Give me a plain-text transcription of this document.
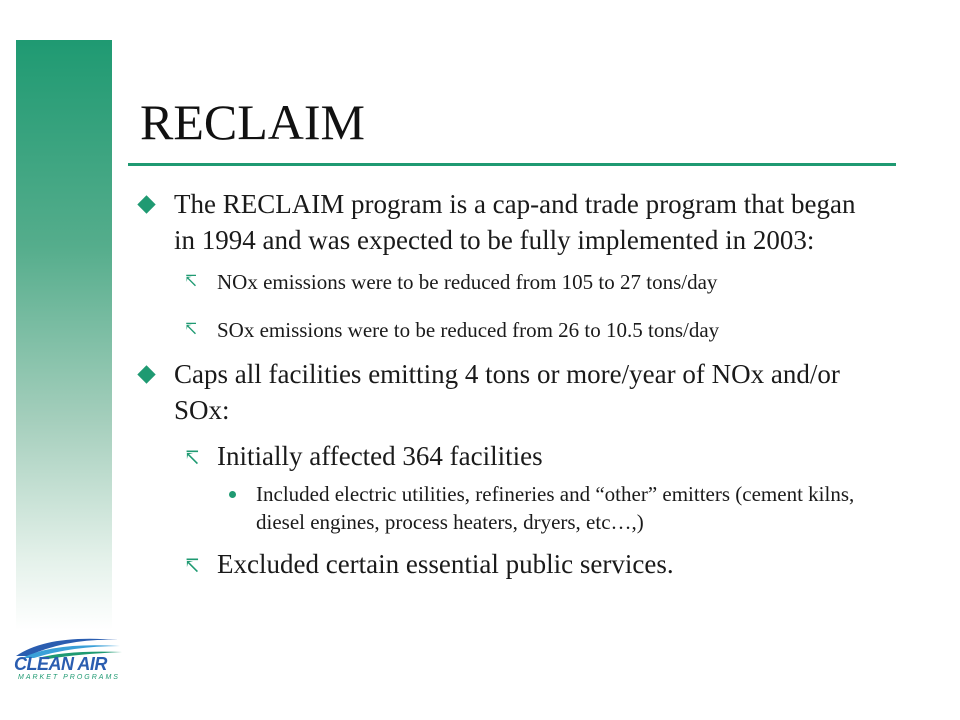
RECLAIM
The RECLAIM program is a cap-and trade program that began in 1994 and was expected to be fully implemented in 2003:
↸ NOx emissions were to be reduced from 105 to 27 tons/day
↸ SOx emissions were to be reduced from 26 to 10.5 tons/day
Caps all facilities emitting 4 tons or more/year of NOx and/or SOx:
↸ Initially affected 364 facilities
Included electric utilities, refineries and “other” emitters (cement kilns, diesel engines, process heaters, dryers, etc…,)
↸ Excluded certain essential public services.
CLEAN AIR
MARKET PROGRAMS
